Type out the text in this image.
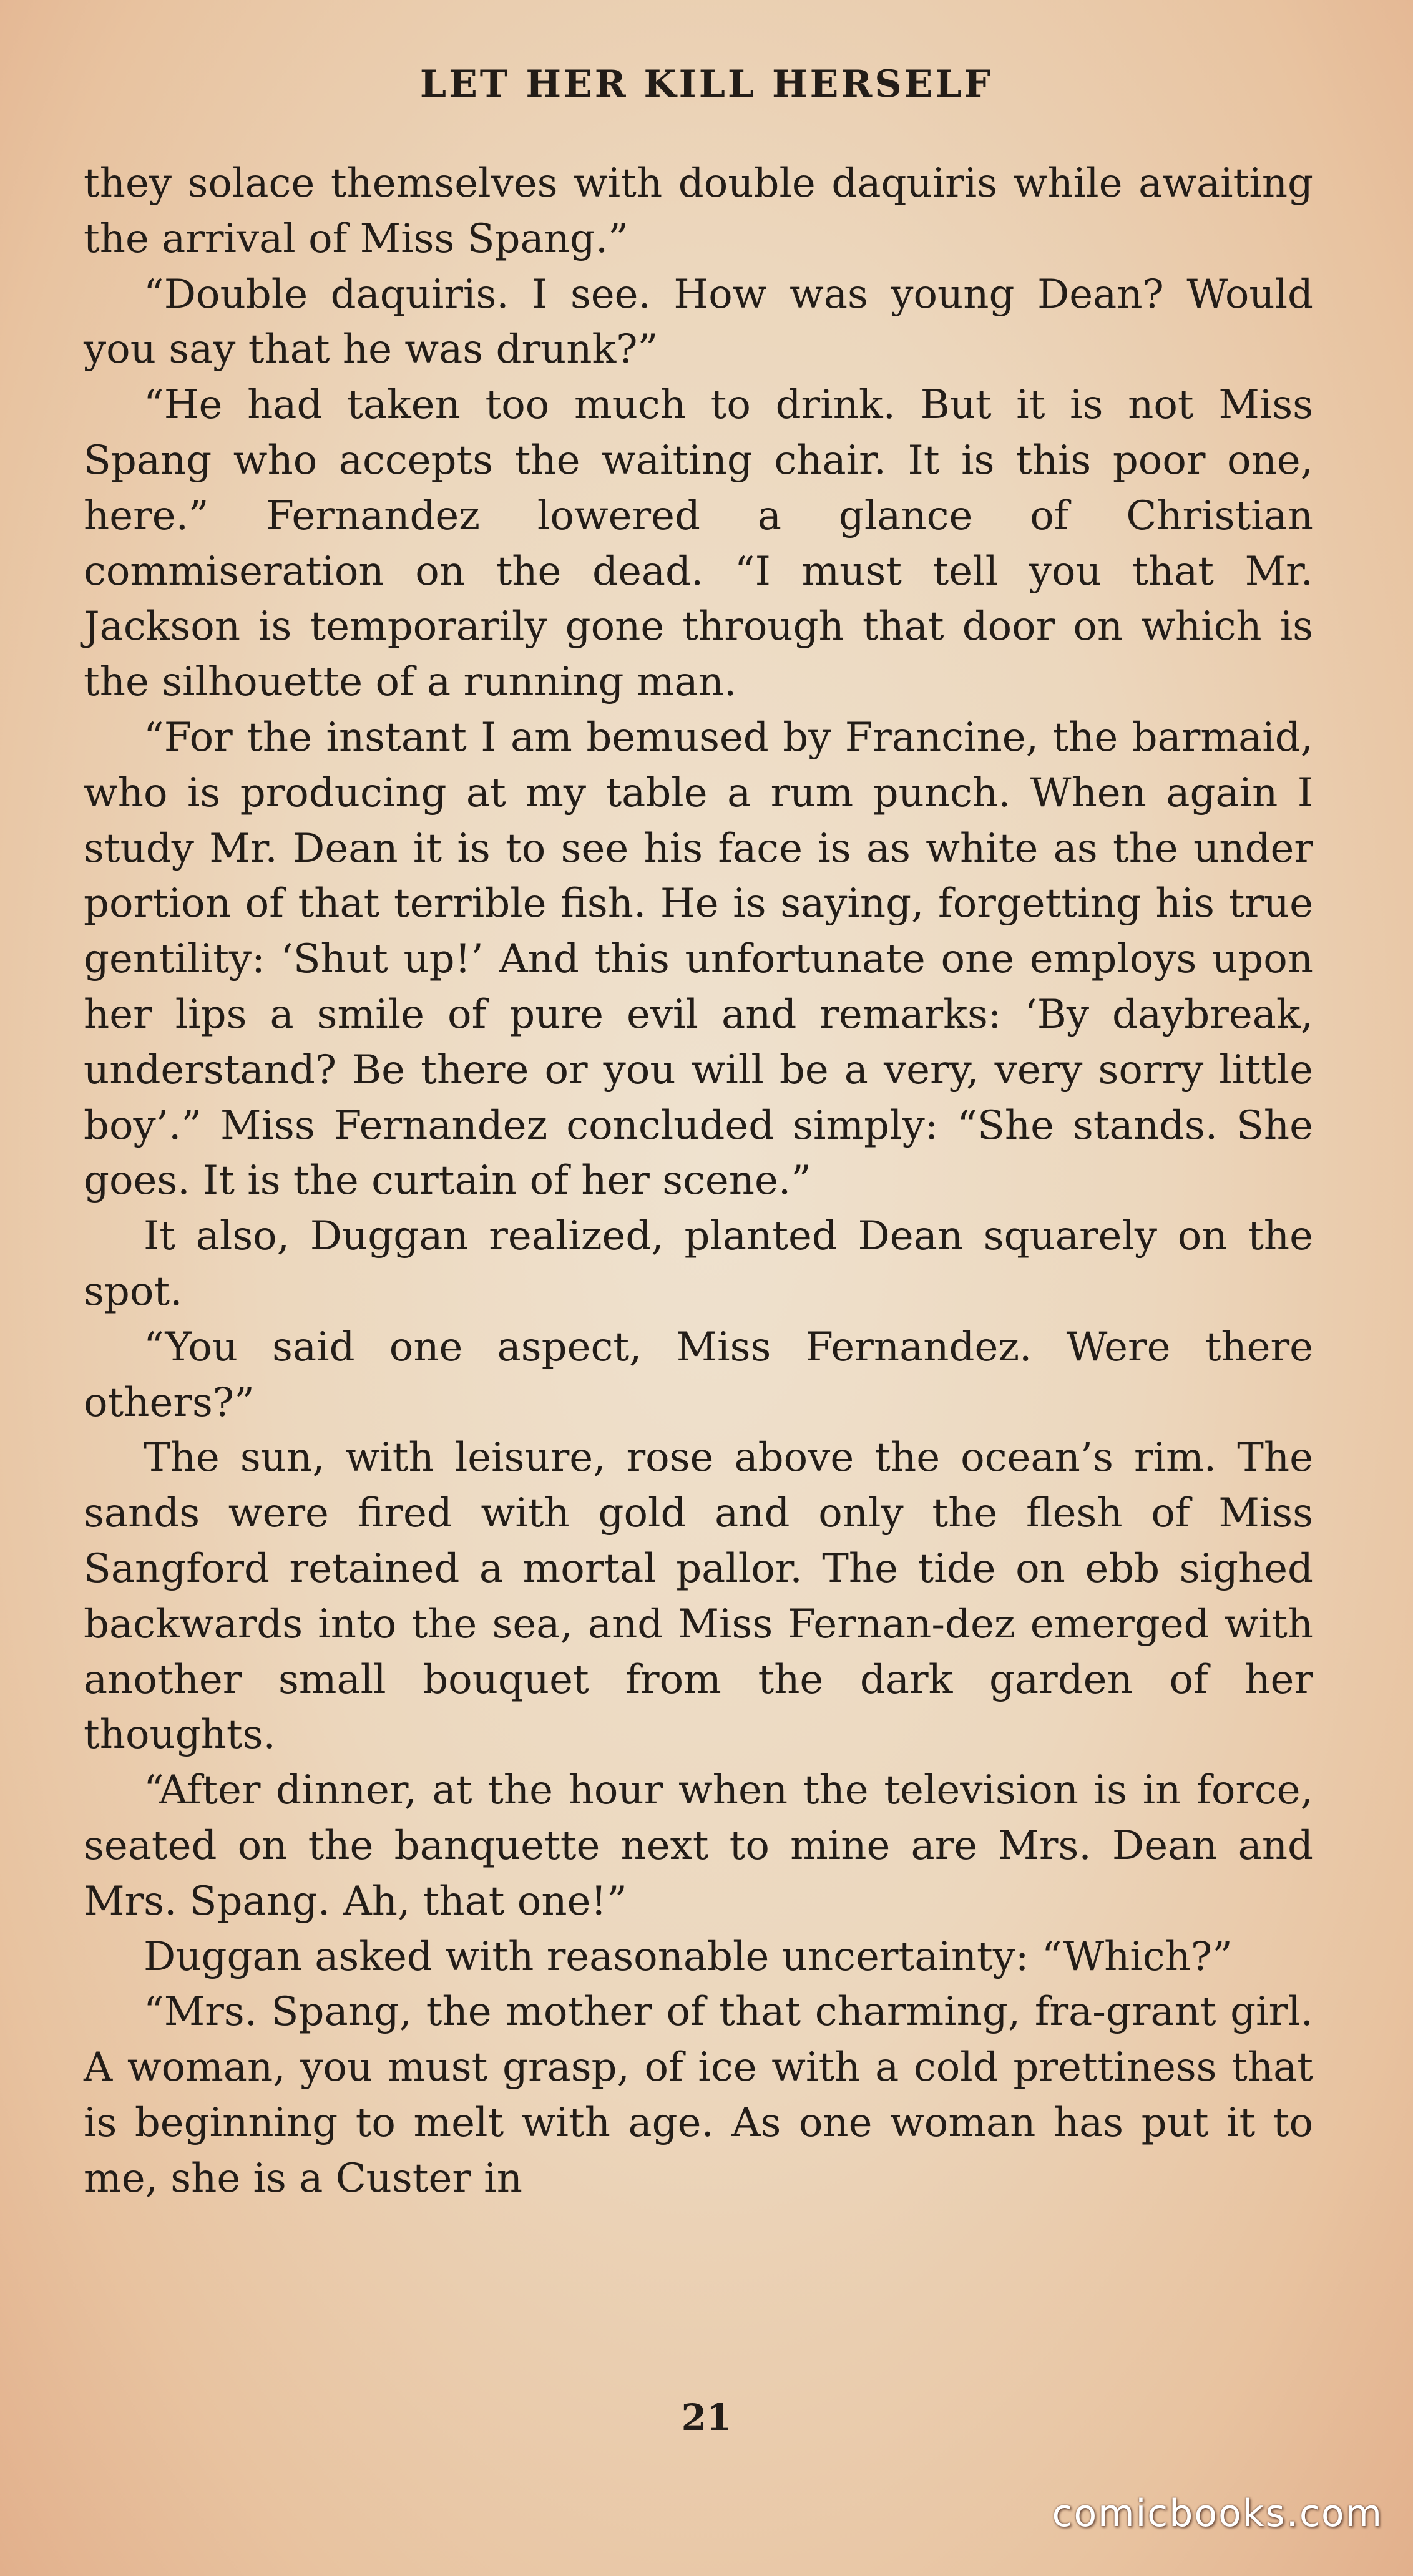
LET HER KILL HERSELF

they solace themselves with double daquiris while awaiting the arrival of Miss Spang.”

“Double daquiris. I see. How was young Dean? Would you say that he was drunk?”

“He had taken too much to drink. But it is not Miss Spang who accepts the waiting chair. It is this poor one, here.” Fernandez lowered a glance of Christian commiseration on the dead. “I must tell you that Mr. Jackson is temporarily gone through that door on which is the silhouette of a running man.

“For the instant I am bemused by Francine, the barmaid, who is producing at my table a rum punch. When again I study Mr. Dean it is to see his face is as white as the under portion of that terrible fish. He is saying, forgetting his true gentility: ‘Shut up!’ And this unfortunate one employs upon her lips a smile of pure evil and remarks: ‘By daybreak, understand? Be there or you will be a very, very sorry little boy’.” Miss Fernandez concluded simply: “She stands. She goes. It is the curtain of her scene.”

It also, Duggan realized, planted Dean squarely on the spot.

“You said one aspect, Miss Fernandez. Were there others?”

The sun, with leisure, rose above the ocean’s rim. The sands were fired with gold and only the flesh of Miss Sangford retained a mortal pallor. The tide on ebb sighed backwards into the sea, and Miss Fernan-dez emerged with another small bouquet from the dark garden of her thoughts.

“After dinner, at the hour when the television is in force, seated on the banquette next to mine are Mrs. Dean and Mrs. Spang. Ah, that one!”

Duggan asked with reasonable uncertainty: “Which?”

“Mrs. Spang, the mother of that charming, fra-grant girl. A woman, you must grasp, of ice with a cold prettiness that is beginning to melt with age. As one woman has put it to me, she is a Custer in

21
comicbooks.com
